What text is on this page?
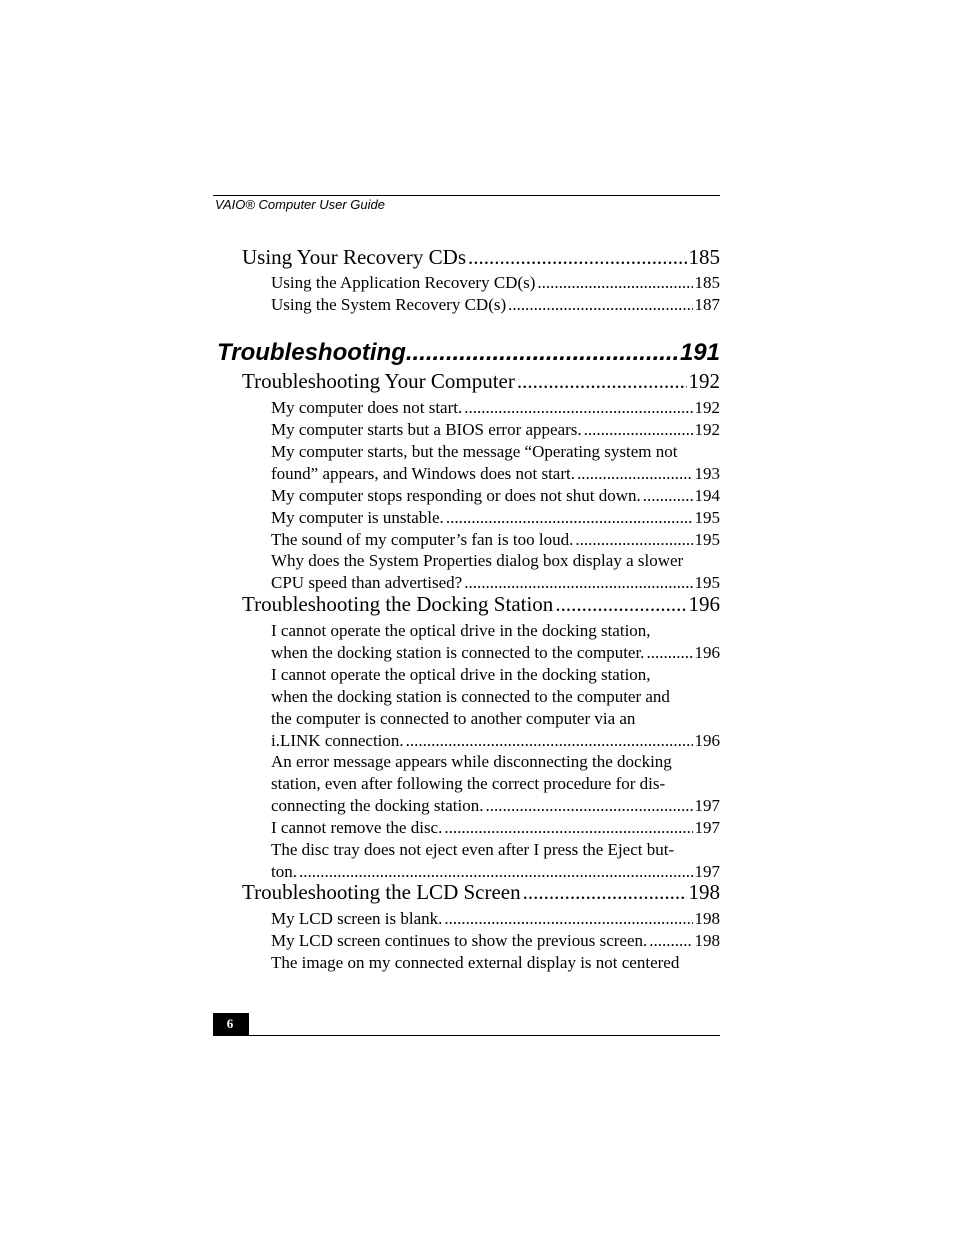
VAIO® Computer User Guide
Using Your Recovery CDs .....	185
Using the Application Recovery CD(s) .....	185
Using the System Recovery CD(s) .....	187
Troubleshooting .....	191
Troubleshooting Your Computer .....	192
My computer does not start. .....	192
My computer starts but a BIOS error appears. .....	192
My computer starts, but the message “Operating system not
found” appears, and Windows does not start. .....	193
My computer stops responding or does not shut down. .....	194
My computer is unstable. .....	195
The sound of my computer’s fan is too loud. .....	195
Why does the System Properties dialog box display a slower
CPU speed than advertised? .....	195
Troubleshooting the Docking Station .....	196
I cannot operate the optical drive in the docking station,
when the docking station is connected to the computer. .....	196
I cannot operate the optical drive in the docking station,
when the docking station is connected to the computer and
the computer is connected to another computer via an
i.LINK connection. .....	196
An error message appears while disconnecting the docking
station, even after following the correct procedure for dis-
connecting the docking station. .....	197
I cannot remove the disc. .....	197
The disc tray does not eject even after I press the Eject but-
ton. .....	197
Troubleshooting the LCD Screen .....	198
My LCD screen is blank. .....	198
My LCD screen continues to show the previous screen. .....	198
The image on my connected external display is not centered
6
